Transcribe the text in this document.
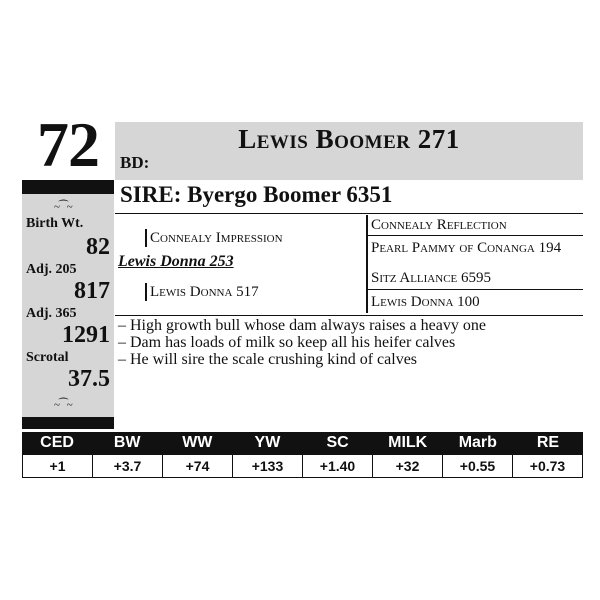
72	Lewis Boomer 271
BD:
~⁀~
Birth Wt.
82
Adj. 205
817
Adj. 365
1291
Scrotal
37.5
~⁀~
SIRE: Byergo Boomer 6351
Connealy Impression
Lewis Donna 253
Lewis Donna 517
Connealy Reflection
Pearl Pammy of Conanga 194
Sitz Alliance 6595
Lewis Donna 100
– High growth bull whose dam always raises a heavy one
– Dam has loads of milk so keep all his heifer calves
– He will sire the scale crushing kind of calves
CED	BW	WW	YW	SC	MILK	Marb	RE
+1	+3.7	+74	+133	+1.40	+32	+0.55	+0.73
